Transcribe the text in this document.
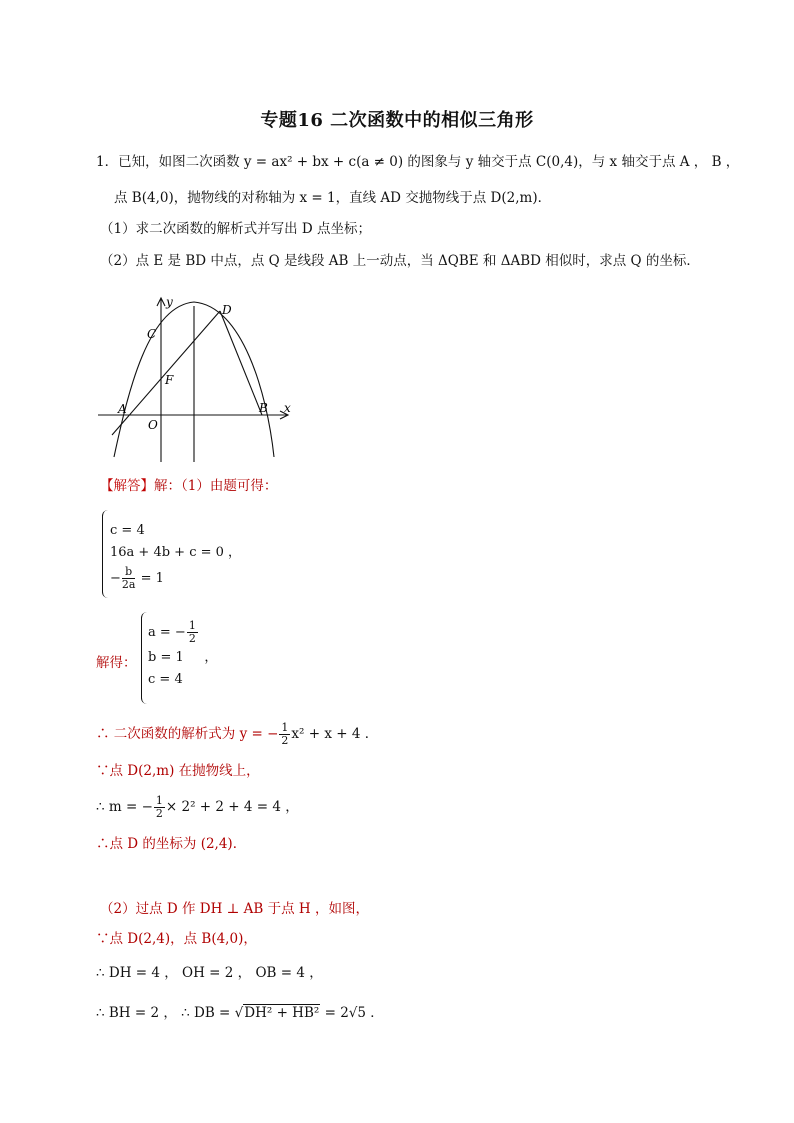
专题16 二次函数中的相似三角形
1．已知，如图二次函数 y = ax² + bx + c(a ≠ 0) 的图象与 y 轴交于点 C(0,4)，与 x 轴交于点 A ， B ，
点 B(4,0)，抛物线的对称轴为 x = 1，直线 AD 交抛物线于点 D(2,m)．
（1）求二次函数的解析式并写出 D 点坐标；
（2）点 E 是 BD 中点，点 Q 是线段 AB 上一动点，当 ΔQBE 和 ΔABD 相似时，求点 Q 的坐标．
y
x
C
D
F
A
O
B
【解答】解：（1）由题可得：
c = 4
16a + 4b + c = 0 ，
− $\frac{b}{2a} = 1$
解得：
a = − $\frac{1}{2}$
b = 1 ，
c = 4
∴ 二次函数的解析式为 y = − $\frac{1}{2} x^2 + x + 4$ ．
∵点 D(2,m) 在抛物线上，
∴ m = − $\frac{1}{2} \times 2^2 + 2 + 4 = 4$ ，
∴点 D 的坐标为 (2,4)．
（2）过点 D 作 DH ⊥ AB 于点 H ，如图，
∵点 D(2,4)，点 B(4,0)，
∴ DH = 4 ， OH = 2 ， OB = 4 ，
∴ BH = 2 ， ∴ DB = √DH² + HB² = 2√5 ．
